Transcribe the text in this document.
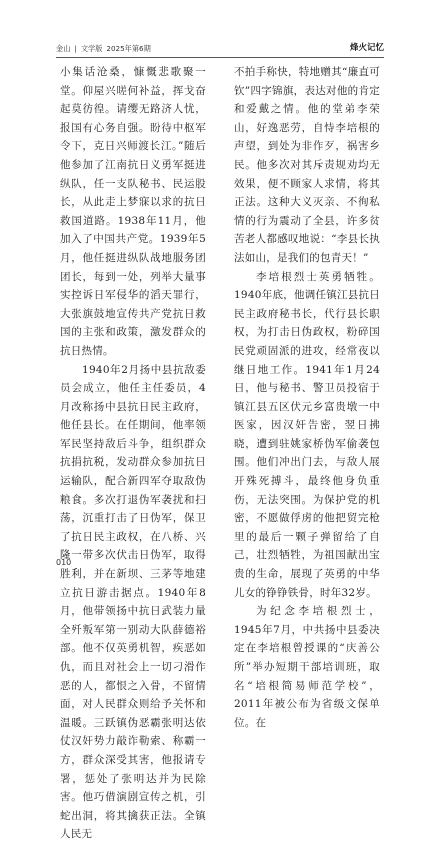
金山 | 文学版 2025年第6期	烽火记忆

小集话沧桑，慷慨悲歌聚一堂。仰屋兴嗟何补益，挥戈奋起莫彷徨。请缨无路济人忧，报国有心务自强。盼待中枢军令下，克日兴师渡长江。”随后他参加了江南抗日义勇军挺进纵队，任一支队秘书、民运股长，从此走上梦寐以求的抗日救国道路。1938年11月，他加入了中国共产党。1939年5月，他任挺进纵队战地服务团团长，每到一处，列举大量事实控诉日军侵华的滔天罪行，大张旗鼓地宣传共产党抗日救国的主张和政策，激发群众的抗日热情。

1940年2月扬中县抗敌委员会成立，他任主任委员，4月改称扬中县抗日民主政府，他任县长。在任期间，他率领军民坚持敌后斗争，组织群众抗捐抗税，发动群众参加抗日运输队，配合新四军夺取敌伪粮食。多次打退伪军袭扰和扫荡，沉重打击了日伪军，保卫了抗日民主政权，在八桥、兴隆一带多次伏击日伪军，取得胜利，并在新坝、三茅等地建立抗日游击据点。1940年8月，他带领扬中抗日武装力量全歼叛军第一别动大队薛德裕部。他不仅英勇机智，疾恶如仇，而且对社会上一切刁滑作恶的人，都恨之入骨，不留情面，对人民群众则给予关怀和温暖。三跃镇伪恶霸张明达依仗汉奸势力敲诈勒索、称霸一方，群众深受其害，他报请专署，惩处了张明达并为民除害。他巧借演剧宣传之机，引蛇出洞，将其擒获正法。全镇人民无

不拍手称快，特地赠其“廉直可钦”四字锦旗，表达对他的肯定和爱戴之情。他的堂弟李荣山，好逸恶劳，自恃李培根的声望，到处为非作歹，祸害乡民。他多次对其斥责规劝均无效果，便不顾家人求情，将其正法。这种大义灭亲、不徇私情的行为震动了全县，许多贫苦老人都感叹地说：“李县长执法如山，是我们的包青天！”

李培根烈士英勇牺牲。1940年底，他调任镇江县抗日民主政府秘书长，代行县长职权，为打击日伪政权，粉碎国民党顽固派的进攻，经常夜以继日地工作。1941年1月24日，他与秘书、警卫员投宿于镇江县五区伏元乡富贵墩一中医家，因汉奸告密，翌日拂晓，遭到驻姚家桥伪军偷袭包围。他们冲出门去，与敌人展开殊死搏斗，最终他身负重伤，无法突围。为保护党的机密，不愿做俘虏的他把贸完枪里的最后一颗子弹留给了自己，壮烈牺牲，为祖国献出宝贵的生命，展现了英勇的中华儿女的铮铮铁骨，时年32岁。

为纪念李培根烈士，1945年7月，中共扬中县委决定在李培根曾授课的“庆善公所”举办短期干部培训班，取名“培根简易师范学校”，2011年被公布为省级文保单位。在

010
